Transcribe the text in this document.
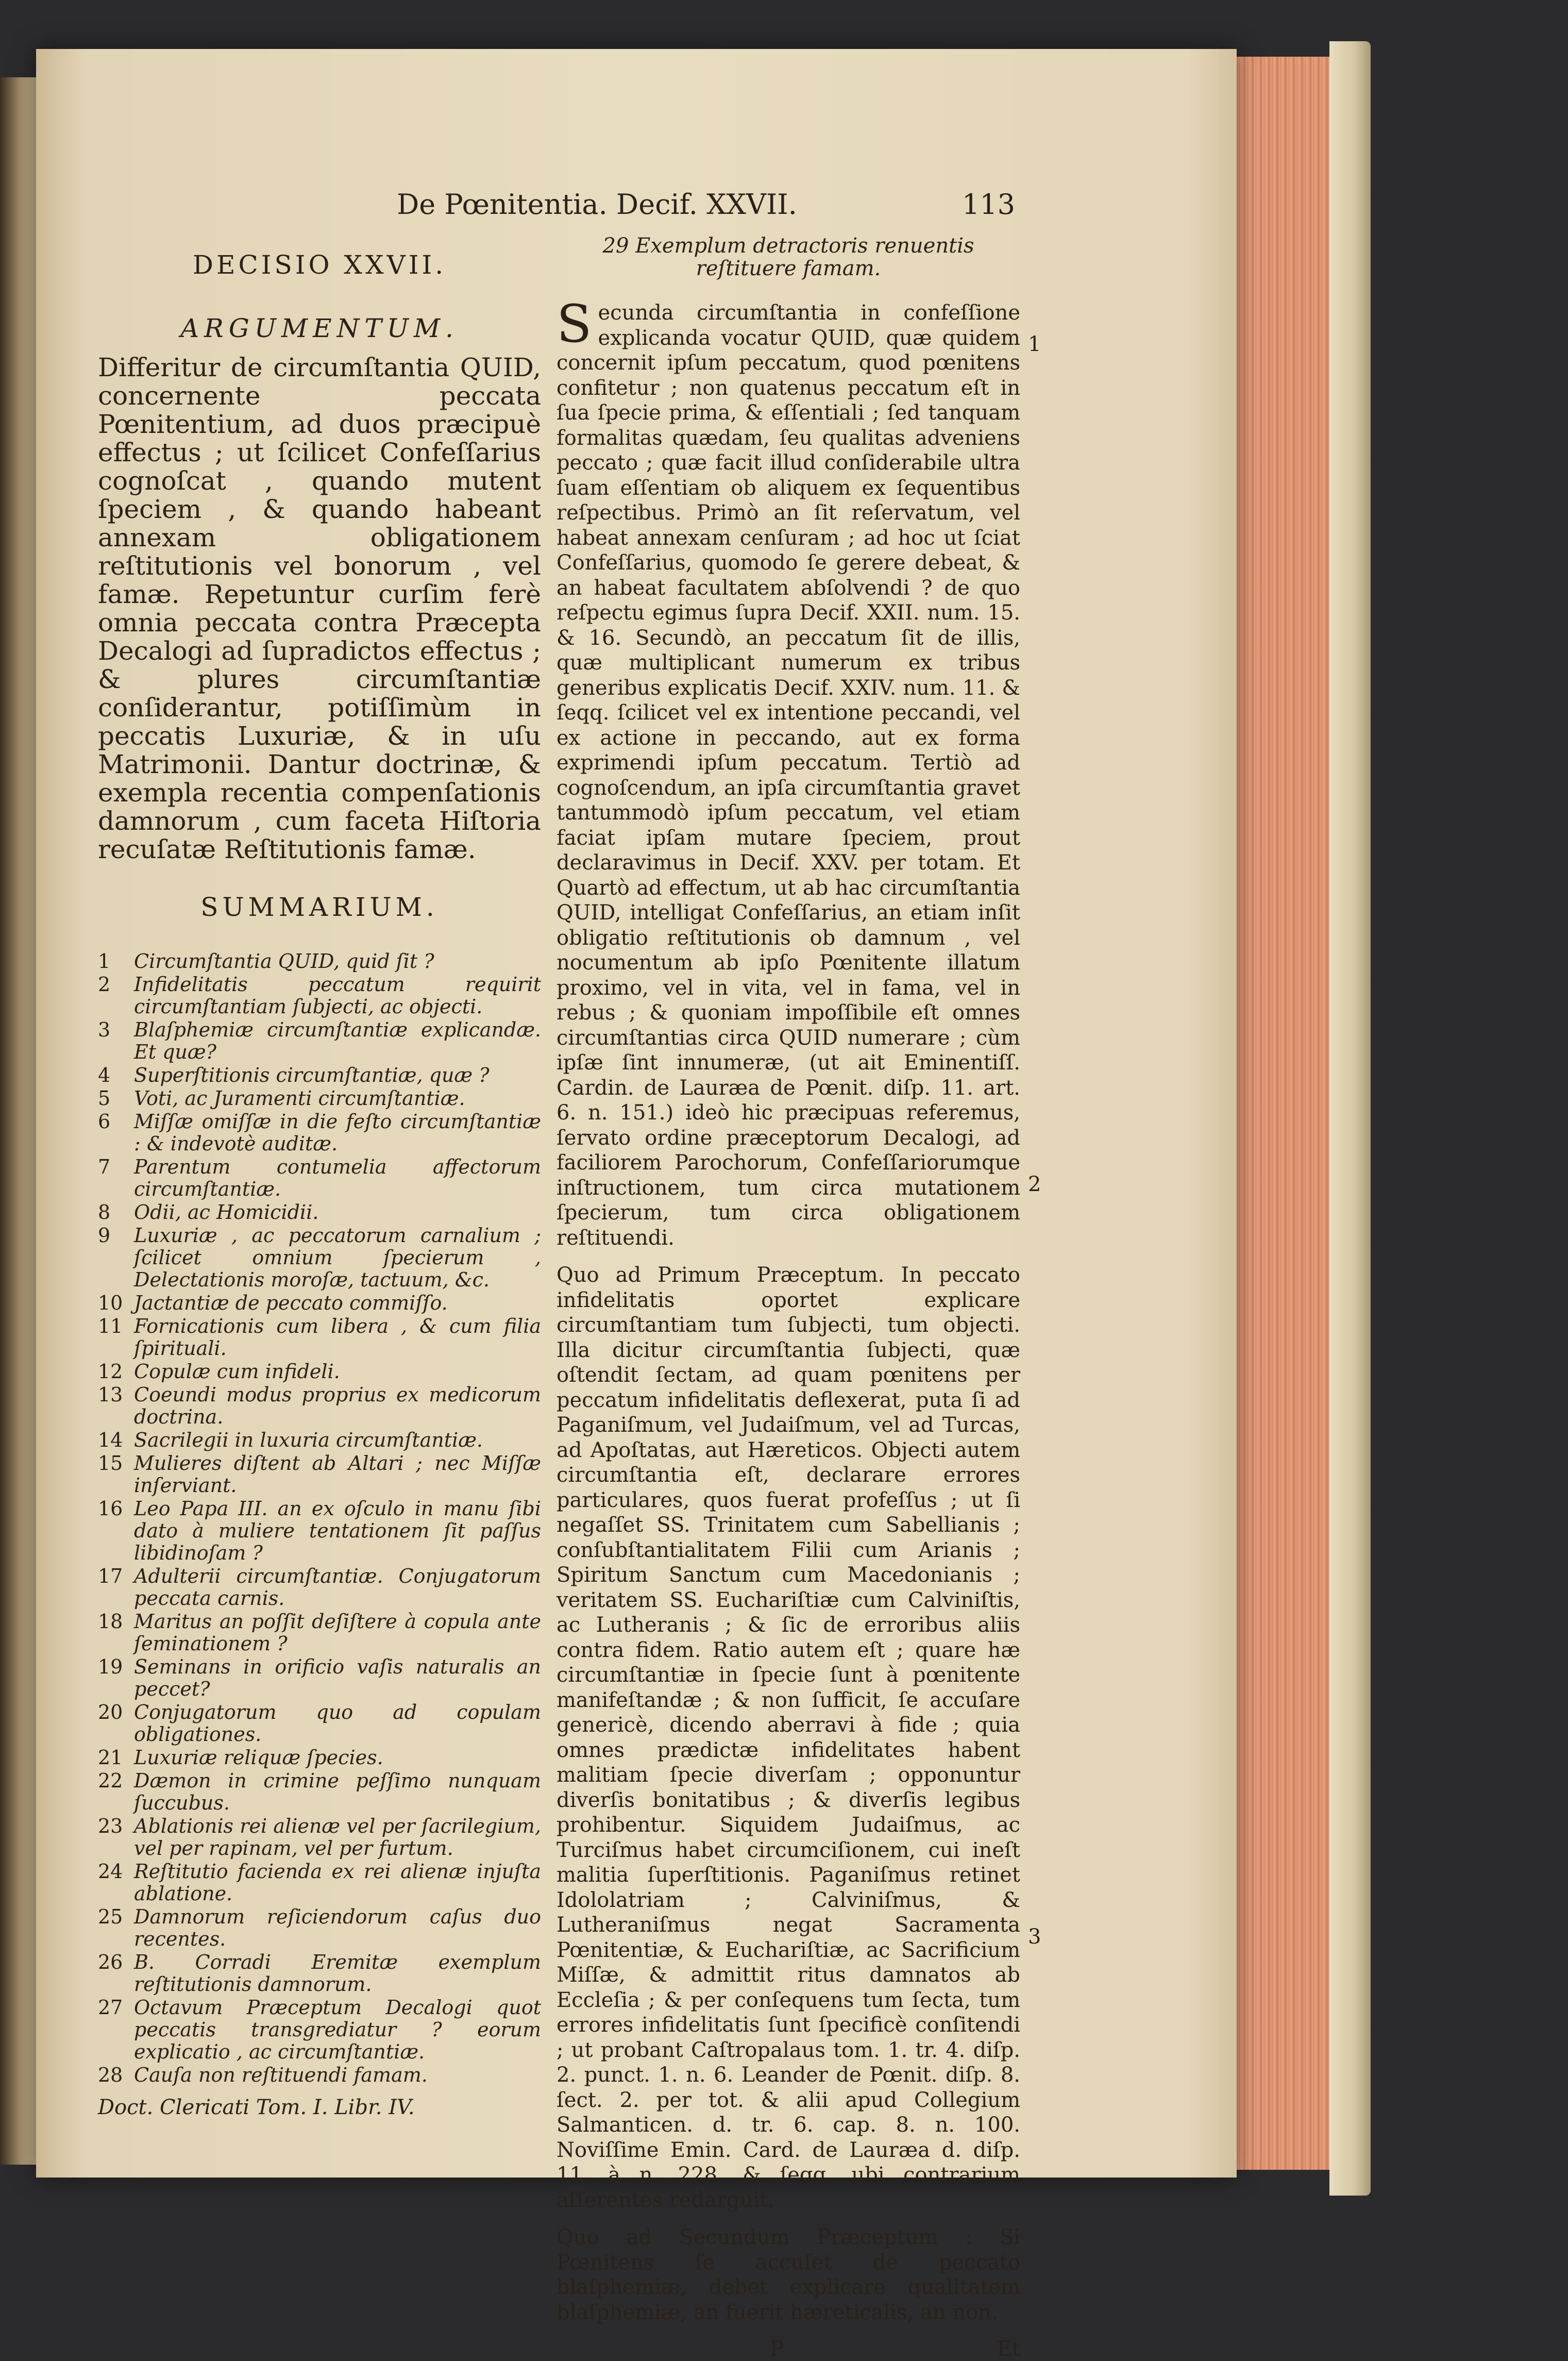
De Pœnitentia. Decif. XXVII.	113
DECISIO XXVII.
ARGUMENTUM.
Differitur de circumſtantia QUID, concernente peccata Pœnitentium, ad duos præcipuè effectus ; ut ſcilicet Confeſſarius cognoſcat , quando mutent ſpeciem , & quando habeant annexam obligationem reſtitutionis vel bonorum , vel famæ. Repetuntur curſim ferè omnia peccata contra Præcepta Decalogi ad ſupradictos effectus ; & plures circumſtantiæ conſiderantur, potiſſimùm in peccatis Luxuriæ, & in uſu Matrimonii. Dantur doctrinæ, & exempla recentia compenſationis damnorum , cum faceta Hiſtoria recuſatæ Reſtitutionis famæ.
SUMMARIUM.
1	Circumſtantia QUID, quid ſit ?
2	Infidelitatis peccatum requirit circumſtantiam ſubjecti, ac objecti.
3	Blaſphemiæ circumſtantiæ explicandæ. Et quæ?
4	Superſtitionis circumſtantiæ, quæ ?
5	Voti, ac Juramenti circumſtantiæ.
6	Miſſæ omiſſæ in die feſto circumſtantiæ : & indevotè auditæ.
7	Parentum contumelia affectorum circumſtantiæ.
8	Odii, ac Homicidii.
9	Luxuriæ , ac peccatorum carnalium ; ſcilicet omnium ſpecierum , Delectationis moroſæ, tactuum, &c.
10 Jactantiæ de peccato commiſſo.
11 Fornicationis cum libera , & cum filia ſpirituali.
12 Copulæ cum infideli.
13 Coeundi modus proprius ex medicorum doctrina.
14 Sacrilegii in luxuria circumſtantiæ.
15 Mulieres diſtent ab Altari ; nec Miſſæ inſerviant.
16 Leo Papa III. an ex oſculo in manu ſibi dato à muliere tentationem ſit paſſus libidinoſam ?
17 Adulterii circumſtantiæ. Conjugatorum peccata carnis.
18 Maritus an poſſit deſiſtere à copula ante ſeminationem ?
19 Seminans in orificio vaſis naturalis an peccet?
20 Conjugatorum quo ad copulam obligationes.
21 Luxuriæ reliquæ ſpecies.
22 Dæmon in crimine peſſimo nunquam ſuccubus.
23 Ablationis rei alienæ vel per ſacrilegium, vel per rapinam, vel per furtum.
24 Reſtitutio facienda ex rei alienæ injuſta ablatione.
25 Damnorum reſiciendorum caſus duo recentes.
26 B. Corradi Eremitæ exemplum reſtitutionis damnorum.
27 Octavum Præceptum Decalogi quot peccatis transgrediatur ? eorum explicatio , ac circumſtantiæ.
28 Cauſa non reſtituendi famam.
Doct. Clericati Tom. I. Libr. IV.
29 Exemplum detractoris renuentis reſtituere famam.

Secunda circumſtantia in confeſſione explicanda vocatur QUID, quæ quidem concernit ipſum peccatum, quod pœnitens confitetur ; non quatenus peccatum eſt in ſua ſpecie prima, & eſſentiali ; ſed tanquam formalitas quædam, ſeu qualitas adveniens peccato ; quæ facit illud conſiderabile ultra ſuam eſſentiam ob aliquem ex ſequentibus reſpectibus. Primò an ſit reſervatum, vel habeat annexam cenſuram ; ad hoc ut ſciat Confeſſarius, quomodo ſe gerere debeat, & an habeat facultatem abſolvendi ? de quo reſpectu egimus ſupra Decif. XXII. num. 15. & 16. Secundò, an peccatum ſit de illis, quæ multiplicant numerum ex tribus generibus explicatis Decif. XXIV. num. 11. & ſeqq. ſcilicet vel ex intentione peccandi, vel ex actione in peccando, aut ex forma exprimendi ipſum peccatum. Tertiò ad cognoſcendum, an ipſa circumſtantia gravet tantummodò ipſum peccatum, vel etiam faciat ipſam mutare ſpeciem, prout declaravimus in Decif. XXV. per totam. Et Quartò ad effectum, ut ab hac circumſtantia QUID, intelligat Confeſſarius, an etiam inſit obligatio reſtitutionis ob damnum , vel nocumentum ab ipſo Pœnitente illatum proximo, vel in vita, vel in fama, vel in rebus ; & quoniam impoſſibile eſt omnes circumſtantias circa QUID numerare ; cùm ipſæ ſint innumeræ, (ut ait Eminentiſſ. Cardin. de Lauræa de Pœnit. diſp. 11. art. 6. n. 151.) ideò hic præcipuas referemus, ſervato ordine præceptorum Decalogi, ad faciliorem Parochorum, Confeſſariorumque inſtructionem, tum circa mutationem ſpecierum, tum circa obligationem reſtituendi.

Quo ad Primum Præceptum. In peccato infidelitatis oportet explicare circumſtantiam tum ſubjecti, tum objecti. Illa dicitur circumſtantia ſubjecti, quæ oſtendit ſectam, ad quam pœnitens per peccatum infidelitatis deflexerat, puta ſi ad Paganiſmum, vel Judaiſmum, vel ad Turcas, ad Apoſtatas, aut Hæreticos. Objecti autem circumſtantia eſt, declarare errores particulares, quos fuerat profeſſus ; ut ſi negaſſet SS. Trinitatem cum Sabellianis ; conſubſtantialitatem Filii cum Arianis ; Spiritum Sanctum cum Macedonianis ; veritatem SS. Euchariſtiæ cum Calviniſtis, ac Lutheranis ; & ſic de erroribus aliis contra fidem. Ratio autem eſt ; quare hæ circumſtantiæ in ſpecie ſunt à pœnitente manifeſtandæ ; & non ſufficit, ſe accuſare genericè, dicendo aberravi à fide ; quia omnes prædictæ infidelitates habent malitiam ſpecie diverſam ; opponuntur diverſis bonitatibus ; & diverſis legibus prohibentur. Siquidem Judaiſmus, ac Turciſmus habet circumciſionem, cui ineſt malitia ſuperſtitionis. Paganiſmus retinet Idololatriam ; Calviniſmus, & Lutheraniſmus negat Sacramenta Pœnitentiæ, & Euchariſtiæ, ac Sacrificium Miſſæ, & admittit ritus damnatos ab Eccleſia ; & per conſequens tum ſecta, tum errores infidelitatis ſunt ſpecificè conſitendi ; ut probant Caſtropalaus tom. 1. tr. 4. diſp. 2. punct. 1. n. 6. Leander de Pœnit. diſp. 8. ſect. 2. per tot. & alii apud Collegium Salmanticen. d. tr. 6. cap. 8. n. 100. Noviſſime Emin. Card. de Lauræa d. diſp. 11. à n. 228. & ſeqq. ubi contrarium aſſerentes redarguit.

Quo ad Secundum Præceptum : Si Pœnitens ſe accuſet de peccato blaſphemiæ, debet explicare qualitatem blaſphemiæ, an fuerit hæreticalis, an non.

P	Et
1
2
3
